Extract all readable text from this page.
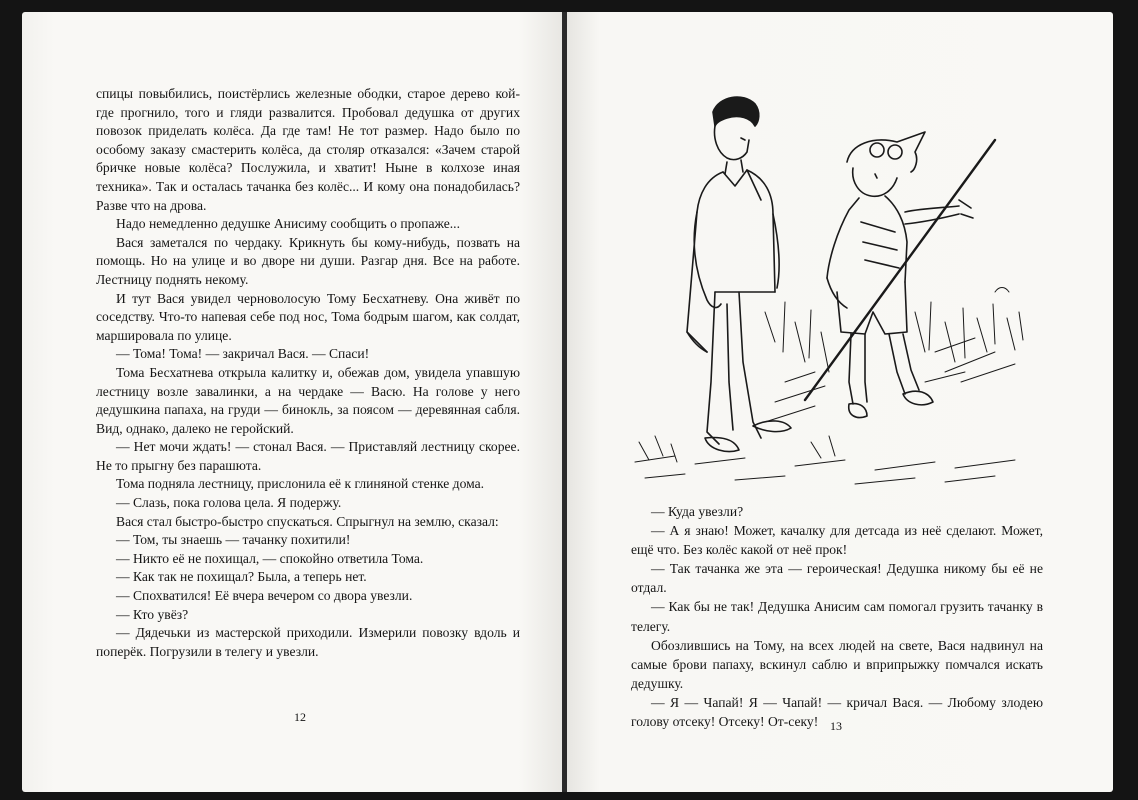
спицы повыбились, поистёрлись железные ободки, старое дерево кой-где прогнило, того и гляди развалится. Пробовал дедушка от других повозок приделать колёса. Да где там! Не тот размер. Надо было по особому заказу смастерить колёса, да столяр отказался: «Зачем старой бричке новые колёса? Послужила, и хватит! Ныне в колхозе иная техника». Так и осталась тачанка без колёс... И кому она понадобилась? Разве что на дрова.

Надо немедленно дедушке Анисиму сообщить о пропаже...

Вася заметался по чердаку. Крикнуть бы кому-нибудь, позвать на помощь. Но на улице и во дворе ни души. Разгар дня. Все на работе. Лестницу поднять некому.

И тут Вася увидел черноволосую Тому Бесхатневу. Она живёт по соседству. Что-то напевая себе под нос, Тома бодрым шагом, как солдат, маршировала по улице.

— Тома! Тома! — закричал Вася. — Спаси!

Тома Бесхатнева открыла калитку и, обежав дом, увидела упавшую лестницу возле завалинки, а на чердаке — Васю. На голове у него дедушкина папаха, на груди — бинокль, за поясом — деревянная сабля. Вид, однако, далеко не геройский.

— Нет мочи ждать! — стонал Вася. — Приставляй лестницу скорее. Не то прыгну без парашюта.

Тома подняла лестницу, прислонила её к глиняной стенке дома.

— Слазь, пока голова цела. Я подержу.

Вася стал быстро-быстро спускаться. Спрыгнул на землю, сказал:

— Том, ты знаешь — тачанку похитили!

— Никто её не похищал, — спокойно ответила Тома.

— Как так не похищал? Была, а теперь нет.

— Спохватился! Её вчера вечером со двора увезли.

— Кто увёз?

— Дядечьки из мастерской приходили. Измерили повозку вдоль и поперёк. Погрузили в телегу и увезли.

12

— Куда увезли?

— А я знаю! Может, качалку для детсада из неё сделают. Может, ещё что. Без колёс какой от неё прок!

— Так тачанка же эта — героическая! Дедушка никому бы её не отдал.

— Как бы не так! Дедушка Анисим сам помогал грузить тачанку в телегу.

Обозлившись на Тому, на всех людей на свете, Вася надвинул на самые брови папаху, вскинул саблю и вприпрыжку помчался искать дедушку.

— Я — Чапай! Я — Чапай! — кричал Вася. — Любому злодею голову отсеку! Отсеку! От-секу! 13
